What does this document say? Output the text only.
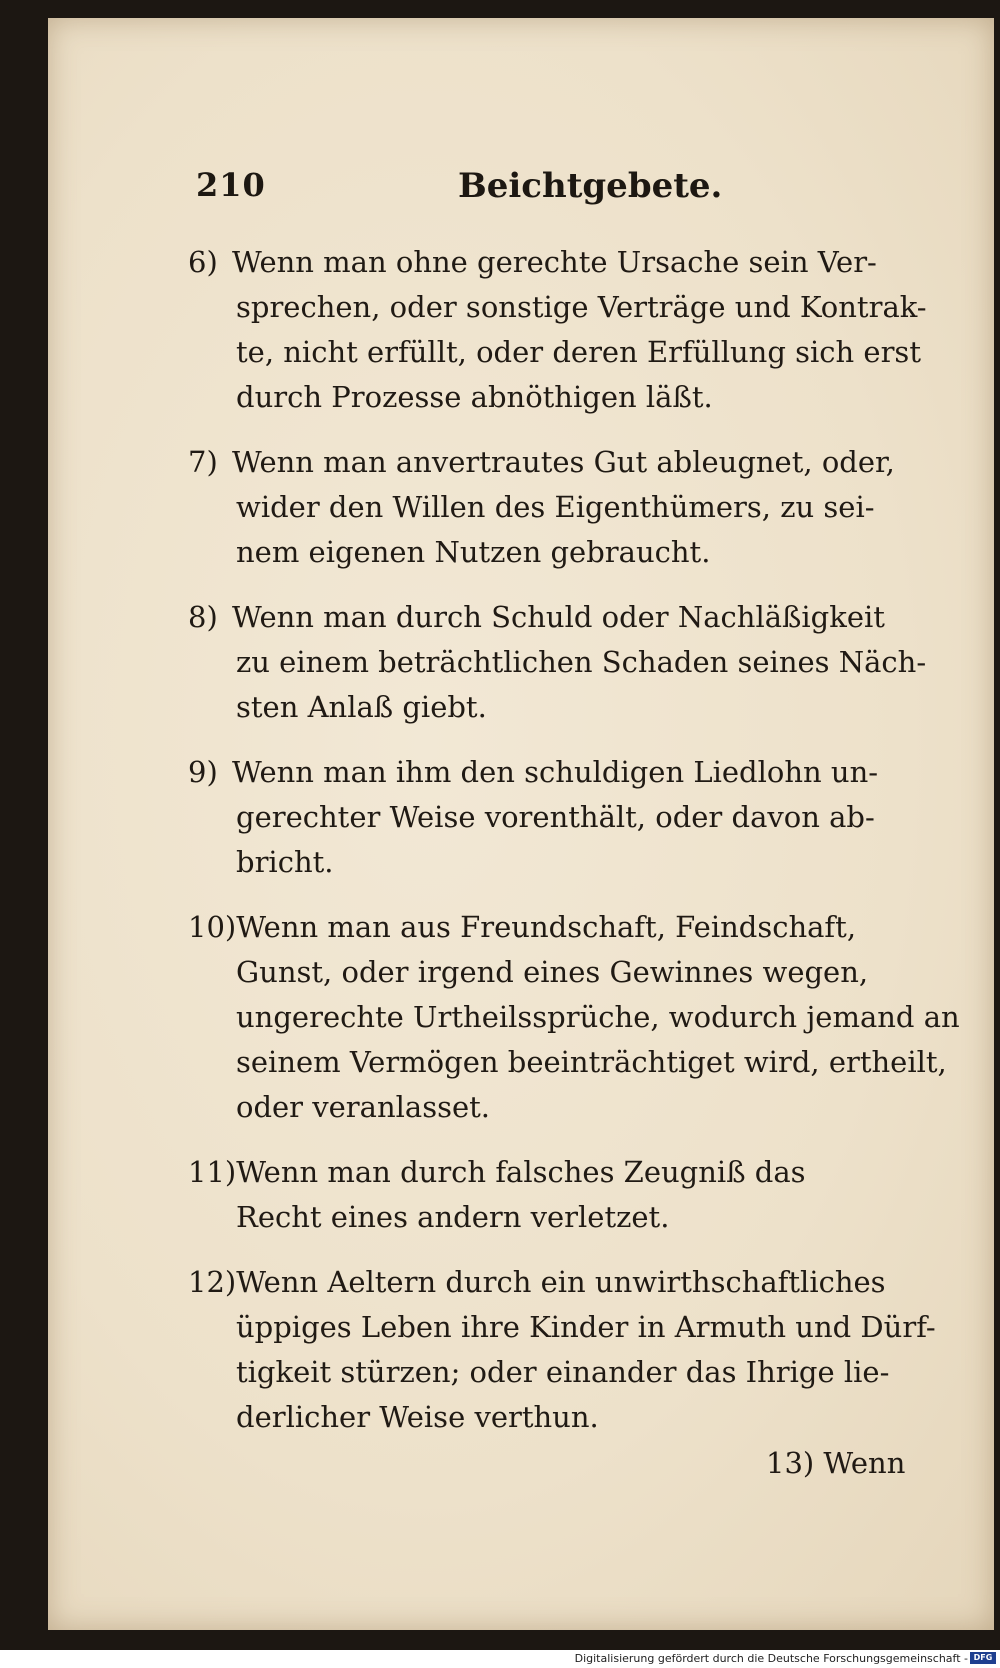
210	Beichtgebete.
6) Wenn man ohne gerechte Ursache sein Ver-
sprechen, oder sonstige Verträge und Kontrak-
te, nicht erfüllt, oder deren Erfüllung sich erst
durch Prozesse abnöthigen läßt.
7) Wenn man anvertrautes Gut ableugnet, oder,
wider den Willen des Eigenthümers, zu sei-
nem eigenen Nutzen gebraucht.
8) Wenn man durch Schuld oder Nachläßigkeit
zu einem beträchtlichen Schaden seines Näch-
sten Anlaß giebt.
9) Wenn man ihm den schuldigen Liedlohn un-
gerechter Weise vorenthält, oder davon ab-
bricht.
10)Wenn man aus Freundschaft, Feindschaft,
Gunst, oder irgend eines Gewinnes wegen,
ungerechte Urtheilssprüche, wodurch jemand an
seinem Vermögen beeinträchtiget wird, ertheilt,
oder veranlasset.
11)Wenn man durch falsches Zeugniß das
Recht eines andern verletzet.
12)Wenn Aeltern durch ein unwirthschaftliches
üppiges Leben ihre Kinder in Armuth und Dürf-
tigkeit stürzen; oder einander das Ihrige lie-
derlicher Weise verthun.
13) Wenn
Digitalisierung gefördert durch die Deutsche Forschungsgemeinschaft - DFG
